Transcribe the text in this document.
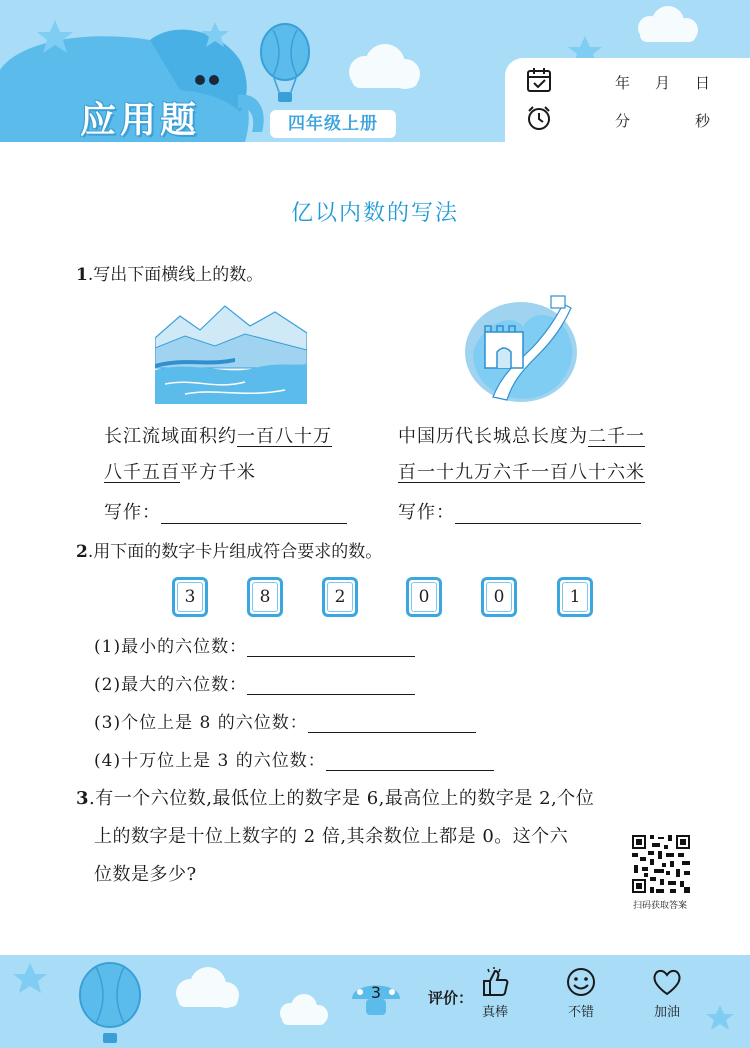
应用题	四年级上册
年 月 日
分	秒
亿以内数的写法
1.写出下面横线上的数。
长江流域面积约一百八十万
八千五百平方千米
写作：
中国历代长城总长度为二千一
百一十九万六千一百八十六米
写作：
2.用下面的数字卡片组成符合要求的数。
3	8	2	0	0	1
(1)最小的六位数：
(2)最大的六位数：
(3)个位上是 8 的六位数：
(4)十万位上是 3 的六位数：
3.有一个六位数,最低位上的数字是 6,最高位上的数字是 2,个位
上的数字是十位上数字的 2 倍,其余数位上都是 0。这个六
位数是多少?
扫码获取答案
3	评价：
真棒	不错	加油
